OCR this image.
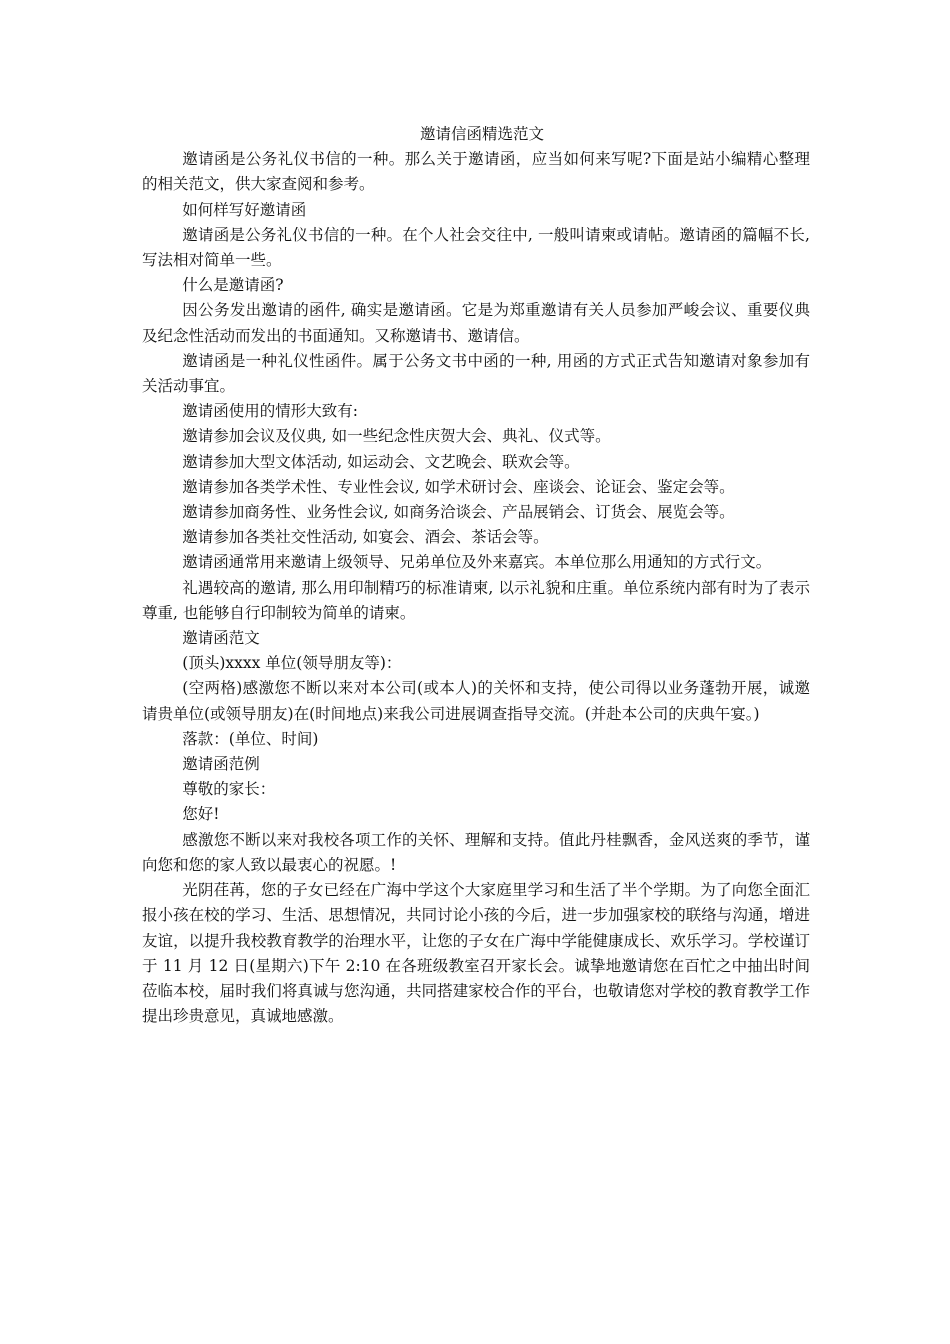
邀请信函精选范文

邀请函是公务礼仪书信的一种。那么关于邀请函，应当如何来写呢?下面是站小编精心整理的相关范文，供大家查阅和参考。

如何样写好邀请函

邀请函是公务礼仪书信的一种。在个人社会交往中, 一般叫请柬或请帖。邀请函的篇幅不长, 写法相对简单一些。

什么是邀请函?

因公务发出邀请的函件, 确实是邀请函。它是为郑重邀请有关人员参加严峻会议、重要仪典及纪念性活动而发出的书面通知。又称邀请书、邀请信。

邀请函是一种礼仪性函件。属于公务文书中函的一种, 用函的方式正式告知邀请对象参加有关活动事宜。

邀请函使用的情形大致有:

邀请参加会议及仪典, 如一些纪念性庆贺大会、典礼、仪式等。

邀请参加大型文体活动, 如运动会、文艺晚会、联欢会等。

邀请参加各类学术性、专业性会议, 如学术研讨会、座谈会、论证会、鉴定会等。

邀请参加商务性、业务性会议, 如商务洽谈会、产品展销会、订货会、展览会等。

邀请参加各类社交性活动, 如宴会、酒会、茶话会等。

邀请函通常用来邀请上级领导、兄弟单位及外来嘉宾。本单位那么用通知的方式行文。

礼遇较高的邀请, 那么用印制精巧的标准请柬, 以示礼貌和庄重。单位系统内部有时为了表示尊重, 也能够自行印制较为简单的请柬。

邀请函范文

(顶头)xxxx 单位(领导朋友等)：

(空两格)感激您不断以来对本公司(或本人)的关怀和支持，使公司得以业务蓬勃开展，诚邀请贵单位(或领导朋友)在(时间地点)来我公司进展调查指导交流。(并赴本公司的庆典午宴。)

落款：(单位、时间)

邀请函范例

尊敬的家长：

您好!

感激您不断以来对我校各项工作的关怀、理解和支持。值此丹桂飘香，金风送爽的季节，谨向您和您的家人致以最衷心的祝愿。!

光阴荏苒，您的子女已经在广海中学这个大家庭里学习和生活了半个学期。为了向您全面汇报小孩在校的学习、生活、思想情况，共同讨论小孩的今后，进一步加强家校的联络与沟通，增进友谊，以提升我校教育教学的治理水平，让您的子女在广海中学能健康成长、欢乐学习。学校谨订于 11 月 12 日(星期六)下午 2:10 在各班级教室召开家长会。诚挚地邀请您在百忙之中抽出时间莅临本校，届时我们将真诚与您沟通，共同搭建家校合作的平台，也敬请您对学校的教育教学工作提出珍贵意见，真诚地感激。
